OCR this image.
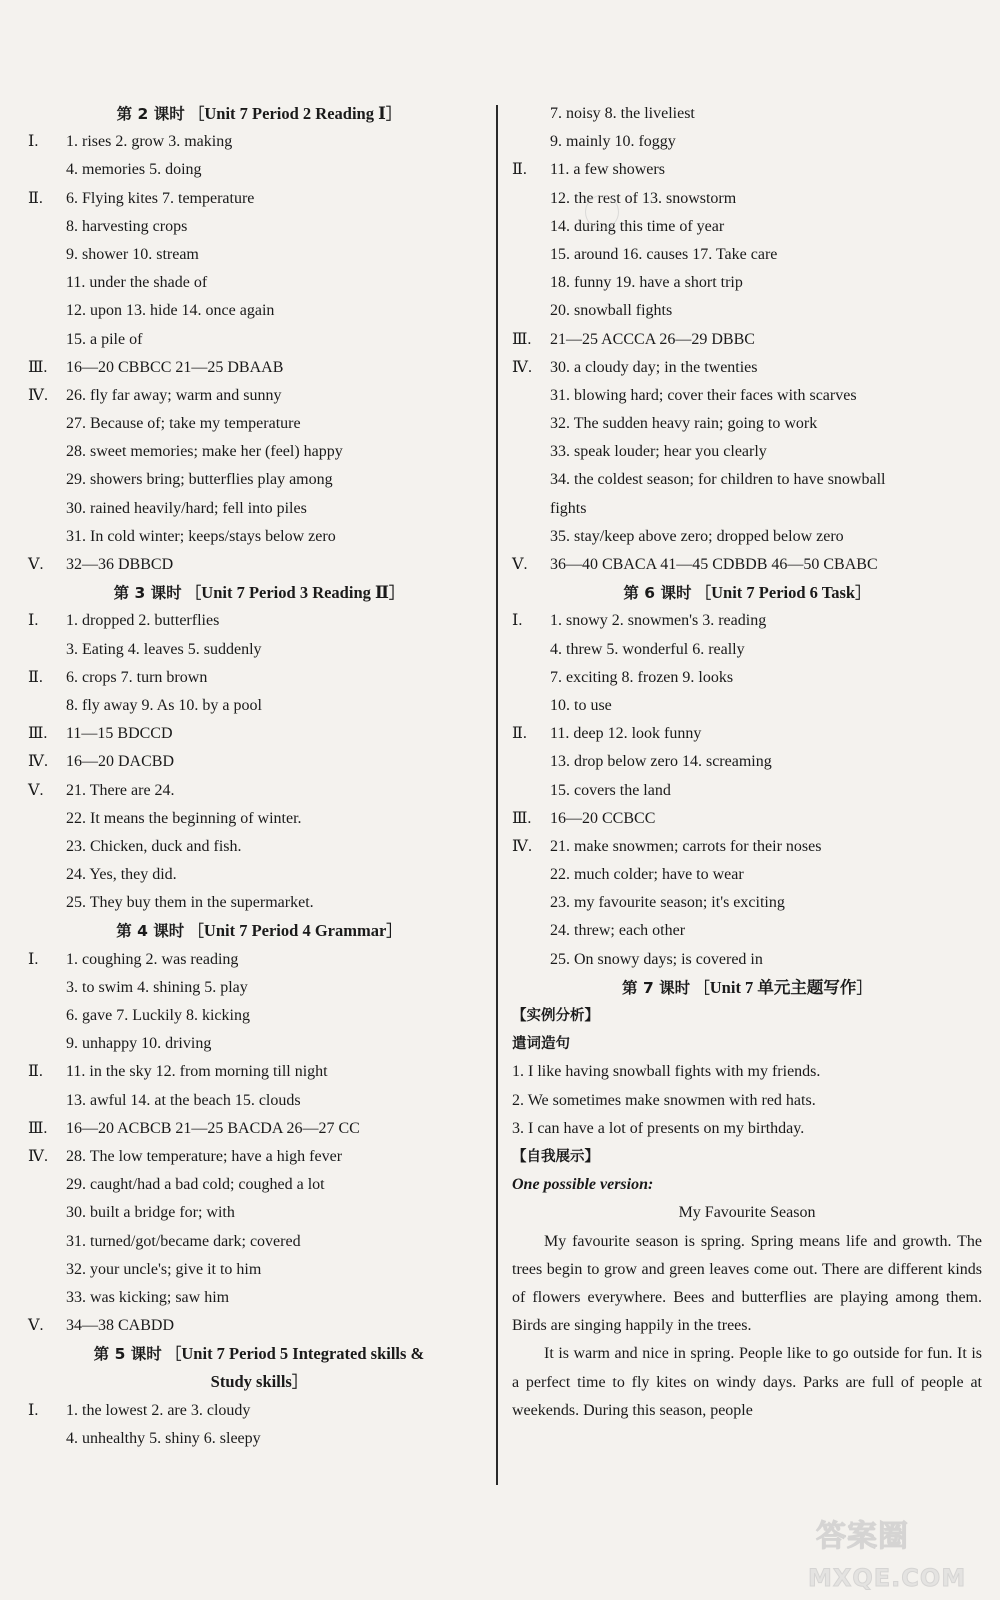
第 2 课时 ［Unit 7 Period 2 Reading Ⅰ］
Ⅰ. 1. rises 2. grow 3. making
4. memories 5. doing
Ⅱ. 6. Flying kites 7. temperature
8. harvesting crops
9. shower 10. stream
11. under the shade of
12. upon 13. hide 14. once again
15. a pile of
Ⅲ. 16—20 CBBCC 21—25 DBAAB
Ⅳ. 26. fly far away; warm and sunny
27. Because of; take my temperature
28. sweet memories; make her (feel) happy
29. showers bring; butterflies play among
30. rained heavily/hard; fell into piles
31. In cold winter; keeps/stays below zero
Ⅴ. 32—36 DBBCD
第 3 课时 ［Unit 7 Period 3 Reading Ⅱ］
Ⅰ. 1. dropped 2. butterflies
3. Eating 4. leaves 5. suddenly
Ⅱ. 6. crops 7. turn brown
8. fly away 9. As 10. by a pool
Ⅲ. 11—15 BDCCD
Ⅳ. 16—20 DACBD
Ⅴ. 21. There are 24.
22. It means the beginning of winter.
23. Chicken, duck and fish.
24. Yes, they did.
25. They buy them in the supermarket.
第 4 课时 ［Unit 7 Period 4 Grammar］
Ⅰ. 1. coughing 2. was reading
3. to swim 4. shining 5. play
6. gave 7. Luckily 8. kicking
9. unhappy 10. driving
Ⅱ. 11. in the sky 12. from morning till night
13. awful 14. at the beach 15. clouds
Ⅲ. 16—20 ACBCB 21—25 BACDA 26—27 CC
Ⅳ. 28. The low temperature; have a high fever
29. caught/had a bad cold; coughed a lot
30. built a bridge for; with
31. turned/got/became dark; covered
32. your uncle's; give it to him
33. was kicking; saw him
Ⅴ. 34—38 CABDD
第 5 课时 ［Unit 7 Period 5 Integrated skills &
Study skills］
Ⅰ. 1. the lowest 2. are 3. cloudy
4. unhealthy 5. shiny 6. sleepy
7. noisy 8. the liveliest
9. mainly 10. foggy
Ⅱ. 11. a few showers
12. the rest of 13. snowstorm
14. during this time of year
15. around 16. causes 17. Take care
18. funny 19. have a short trip
20. snowball fights
Ⅲ. 21—25 ACCCA 26—29 DBBC
Ⅳ. 30. a cloudy day; in the twenties
31. blowing hard; cover their faces with scarves
32. The sudden heavy rain; going to work
33. speak louder; hear you clearly
34. the coldest season; for children to have snowball
fights
35. stay/keep above zero; dropped below zero
Ⅴ. 36—40 CBACA 41—45 CDBDB 46—50 CBABC
第 6 课时 ［Unit 7 Period 6 Task］
Ⅰ. 1. snowy 2. snowmen's 3. reading
4. threw 5. wonderful 6. really
7. exciting 8. frozen 9. looks
10. to use
Ⅱ. 11. deep 12. look funny
13. drop below zero 14. screaming
15. covers the land
Ⅲ. 16—20 CCBCC
Ⅳ. 21. make snowmen; carrots for their noses
22. much colder; have to wear
23. my favourite season; it's exciting
24. threw; each other
25. On snowy days; is covered in
第 7 课时 ［Unit 7 单元主题写作］
【实例分析】
遣词造句
1. I like having snowball fights with my friends.
2. We sometimes make snowmen with red hats.
3. I can have a lot of presents on my birthday.
【自我展示】
One possible version:
My Favourite Season

My favourite season is spring. Spring means life and growth. The trees begin to grow and green leaves come out. There are different kinds of flowers everywhere. Bees and butterflies are playing among them. Birds are singing happily in the trees.

It is warm and nice in spring. People like to go outside for fun. It is a perfect time to fly kites on windy days. Parks are full of people at weekends. During this season, people

答案圈
MXQE.COM
